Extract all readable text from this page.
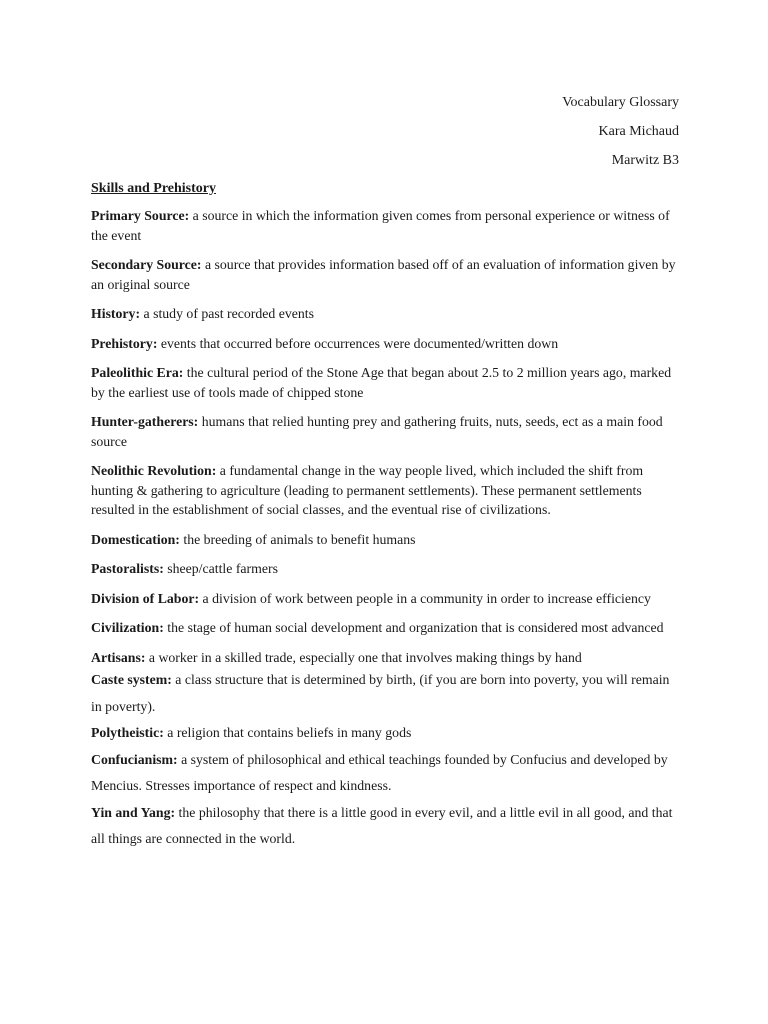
Vocabulary Glossary
Kara Michaud
Marwitz B3
Skills and Prehistory
Primary Source: a source in which the information given comes from personal experience or witness of the event
Secondary Source: a source that provides information based off of an evaluation of information given by an original source
History: a study of past recorded events
Prehistory: events that occurred before occurrences were documented/written down
Paleolithic Era: the cultural period of the Stone Age that began about 2.5 to 2 million years ago, marked by the earliest use of tools made of chipped stone
Hunter-gatherers: humans that relied hunting prey and gathering fruits, nuts, seeds, ect as a main food source
Neolithic Revolution: a fundamental change in the way people lived, which included the shift from hunting & gathering to agriculture (leading to permanent settlements). These permanent settlements resulted in the establishment of social classes, and the eventual rise of civilizations.
Domestication: the breeding of animals to benefit humans
Pastoralists: sheep/cattle farmers
Division of Labor: a division of work between people in a community in order to increase efficiency
Civilization: the stage of human social development and organization that is considered most advanced
Artisans: a worker in a skilled trade, especially one that involves making things by hand
Caste system: a class structure that is determined by birth, (if you are born into poverty, you will remain in poverty).
Polytheistic: a religion that contains beliefs in many gods
Confucianism: a system of philosophical and ethical teachings founded by Confucius and developed by Mencius. Stresses importance of respect and kindness.
Yin and Yang: the philosophy that there is a little good in every evil, and a little evil in all good, and that all things are connected in the world.
